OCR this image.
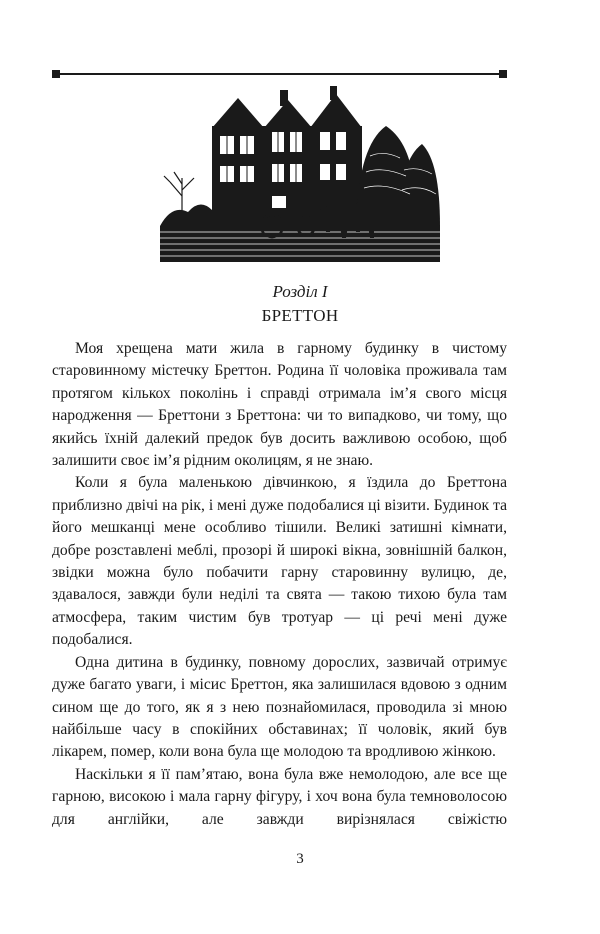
Розділ І
БРЕТТОН

Моя хрещена мати жила в гарному будинку в чистому старовинному містечку Бреттон. Родина її чоловіка проживала там протягом кількох поколінь і справді отримала ім’я свого місця народження — Бреттони з Бреттона: чи то випадково, чи тому, що якийсь їхній далекий предок був досить важливою особою, щоб залишити своє ім’я рідним околицям, я не знаю.

Коли я була маленькою дівчинкою, я їздила до Бреттона приблизно двічі на рік, і мені дуже подобалися ці візити. Будинок та його мешканці мене особливо тішили. Великі затишні кімнати, добре розставлені меблі, прозорі й широкі вікна, зовнішній балкон, звідки можна було побачити гарну старовинну вулицю, де, здавалося, завжди були неділі та свята — такою тихою була там атмосфера, таким чистим був тротуар — ці речі мені дуже подобалися.

Одна дитина в будинку, повному дорослих, зазвичай отримує дуже багато уваги, і місис Бреттон, яка залишилася вдовою з одним сином ще до того, як я з нею познайомилася, проводила зі мною найбільше часу в спокійних обставинах; її чоловік, який був лікарем, помер, коли вона була ще молодою та вродливою жінкою.

Наскільки я її пам’ятаю, вона була вже немолодою, але все ще гарною, високою і мала гарну фігуру, і хоч вона була темноволосою для англійки, але завжди вирізнялася свіжістю

3
